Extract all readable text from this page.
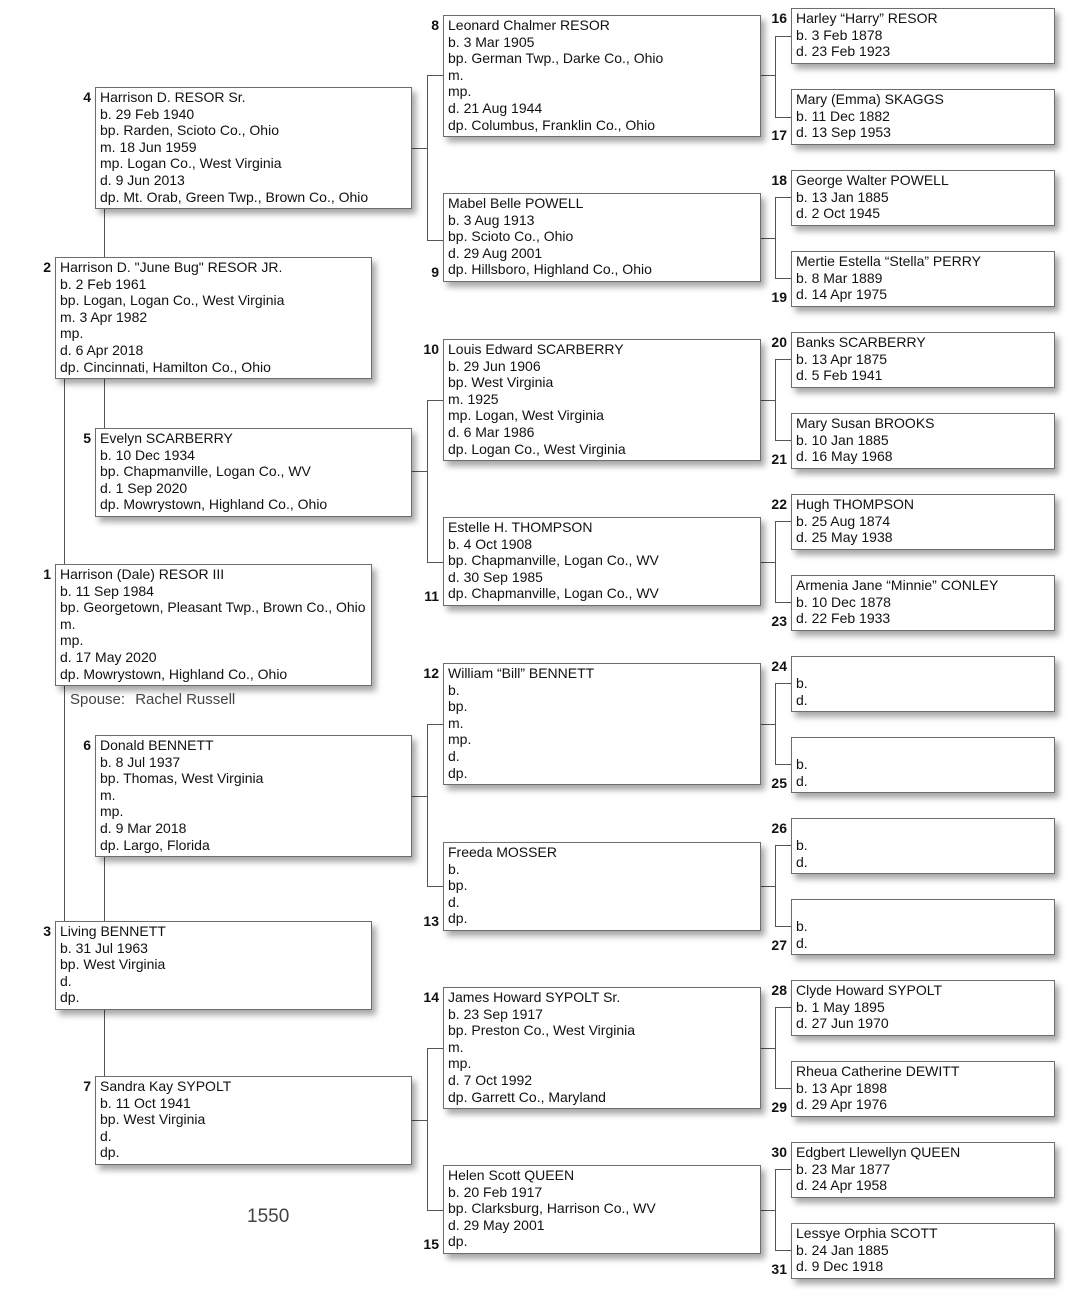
Harrison (Dale) RESOR III
b. 11 Sep 1984
bp. Georgetown, Pleasant Twp., Brown Co., Ohio
m.
mp.
d. 17 May 2020
dp. Mowrystown, Highland Co., Ohio
1
Harrison D. "June Bug" RESOR JR.
b. 2 Feb 1961
bp. Logan, Logan Co., West Virginia
m. 3 Apr 1982
mp.
d. 6 Apr 2018
dp. Cincinnati, Hamilton Co., Ohio
2
Living BENNETT
b. 31 Jul 1963
bp. West Virginia
d.
dp.
3
Harrison D. RESOR Sr.
b. 29 Feb 1940
bp. Rarden, Scioto Co., Ohio
m. 18 Jun 1959
mp. Logan Co., West Virginia
d. 9 Jun 2013
dp. Mt. Orab, Green Twp., Brown Co., Ohio
4
Evelyn SCARBERRY
b. 10 Dec 1934
bp. Chapmanville, Logan Co., WV
d. 1 Sep 2020
dp. Mowrystown, Highland Co., Ohio
5
Donald BENNETT
b. 8 Jul 1937
bp. Thomas, West Virginia
m.
mp.
d. 9 Mar 2018
dp. Largo, Florida
6
Sandra Kay SYPOLT
b. 11 Oct 1941
bp. West Virginia
d.
dp.
7
Leonard Chalmer RESOR
b. 3 Mar 1905
bp. German Twp., Darke Co., Ohio
m.
mp.
d. 21 Aug 1944
dp. Columbus, Franklin Co., Ohio
8
Mabel Belle POWELL
b. 3 Aug 1913
bp. Scioto Co., Ohio
d. 29 Aug 2001
dp. Hillsboro, Highland Co., Ohio
9
Louis Edward SCARBERRY
b. 29 Jun 1906
bp. West Virginia
m. 1925
mp. Logan, West Virginia
d. 6 Mar 1986
dp. Logan Co., West Virginia
10
Estelle H. THOMPSON
b. 4 Oct 1908
bp. Chapmanville, Logan Co., WV
d. 30 Sep 1985
dp. Chapmanville, Logan Co., WV
11
William “Bill” BENNETT
b.
bp.
m.
mp.
d.
dp.
12
Freeda MOSSER
b.
bp.
d.
dp.
13
James Howard SYPOLT Sr.
b. 23 Sep 1917
bp. Preston Co., West Virginia
m.
mp.
d. 7 Oct 1992
dp. Garrett Co., Maryland
14
Helen Scott QUEEN
b. 20 Feb 1917
bp. Clarksburg, Harrison Co., WV
d. 29 May 2001
dp.
15
Harley “Harry” RESOR
b. 3 Feb 1878
d. 23 Feb 1923
16
Mary (Emma) SKAGGS
b. 11 Dec 1882
d. 13 Sep 1953
17
George Walter POWELL
b. 13 Jan 1885
d. 2 Oct 1945
18
Mertie Estella “Stella” PERRY
b. 8 Mar 1889
d. 14 Apr 1975
19
Banks SCARBERRY
b. 13 Apr 1875
d. 5 Feb 1941
20
Mary Susan BROOKS
b. 10 Jan 1885
d. 16 May 1968
21
Hugh THOMPSON
b. 25 Aug 1874
d. 25 May 1938
22
Armenia Jane “Minnie” CONLEY
b. 10 Dec 1878
d. 22 Feb 1933
23
b.
d.
24
b.
d.
25
b.
d.
26
b.
d.
27
Clyde Howard SYPOLT
b. 1 May 1895
d. 27 Jun 1970
28
Rheua Catherine DEWITT
b. 13 Apr 1898
d. 29 Apr 1976
29
Edgbert Llewellyn QUEEN
b. 23 Mar 1877
d. 24 Apr 1958
30
Lessye Orphia SCOTT
b. 24 Jan 1885
d. 9 Dec 1918
31
Spouse: Rachel Russell
1550
